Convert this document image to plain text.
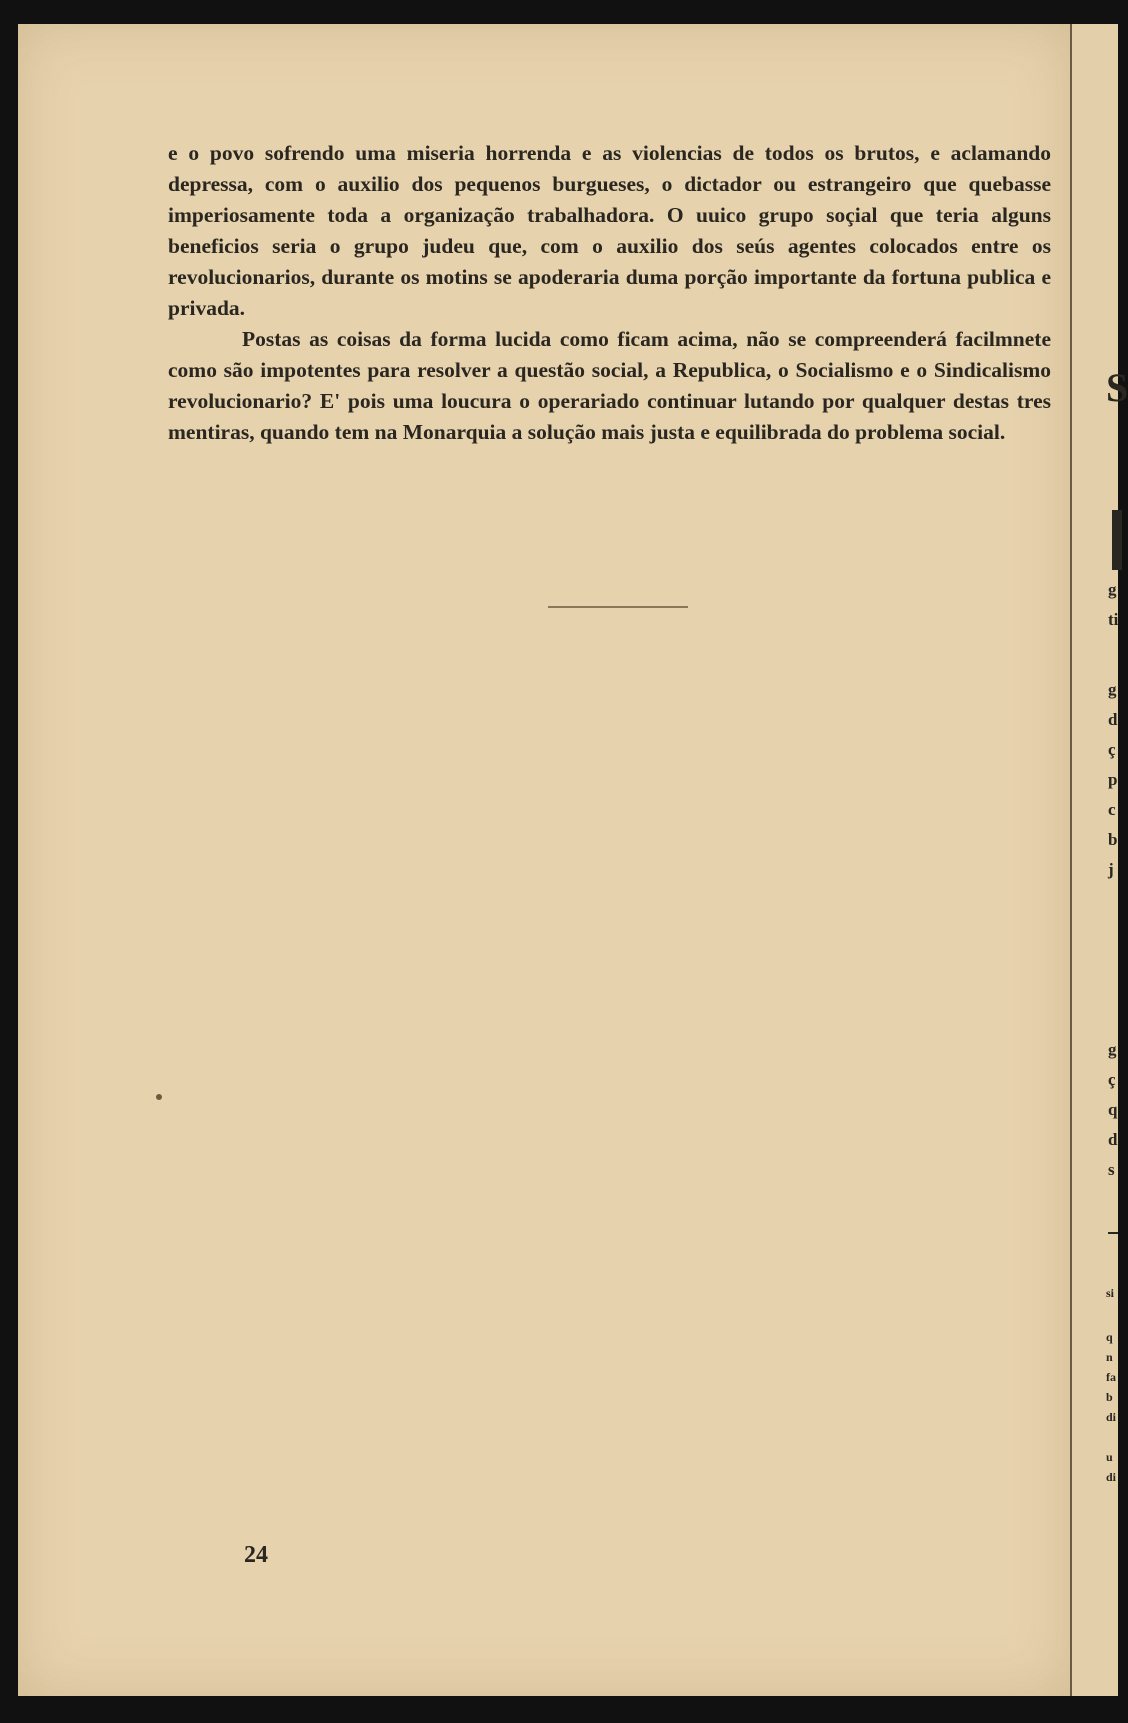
e o povo sofrendo uma miseria horrenda e as violencias de todos os brutos, e aclamando depressa, com o auxilio dos pequenos burgueses, o dictador ou estrangeiro que quebasse imperiosamente toda a organização trabalhadora. O uuico grupo soçial que teria alguns beneficios seria o grupo judeu que, com o auxilio dos seús agentes colocados entre os revolucionarios, durante os motins se apoderaria duma porção importante da fortuna publica e privada.

Postas as coisas da forma lucida como ficam acima, não se compreenderá facilmnete como são impotentes para resolver a questão social, a Republica, o Socialismo e o Sindicalismo revolucionario? E' pois uma loucura o operariado continuar lutando por qualquer destas tres mentiras, quando tem na Monarquia a solução mais justa e equilibrada do problema social.

24
S
g
ti
g
d
ç
p
c
b
j
g
ç
q
d
s
si
q
n
fa
b
di
u
di
